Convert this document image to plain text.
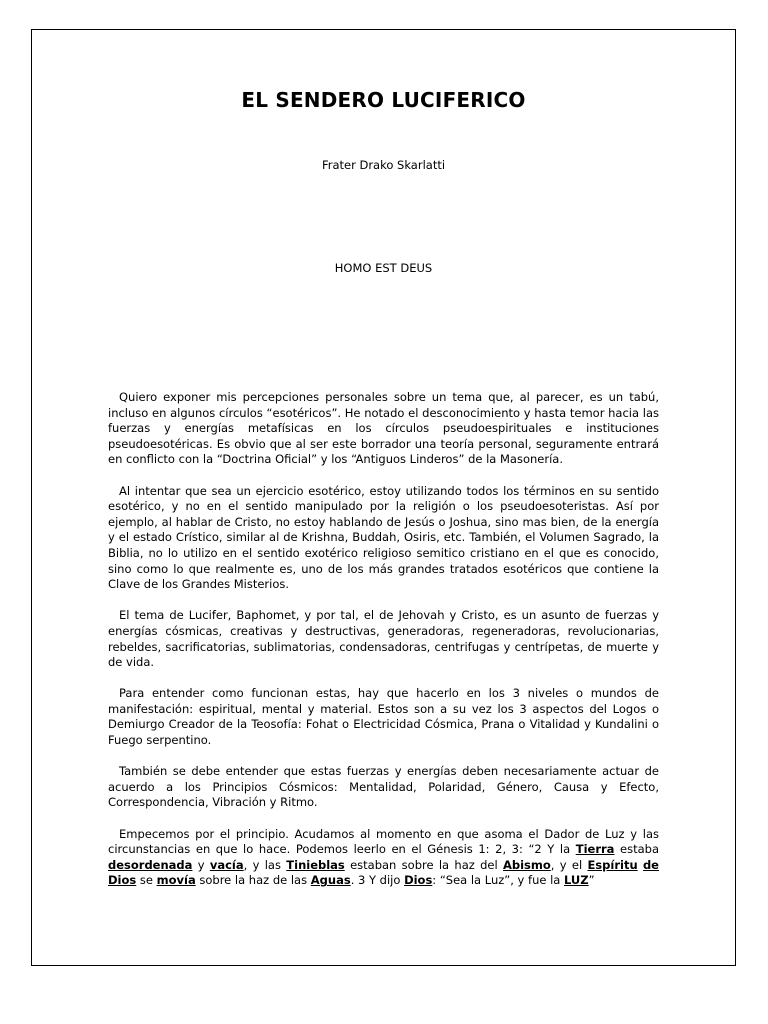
EL SENDERO LUCIFERICO
Frater Drako Skarlatti
HOMO EST DEUS

Quiero exponer mis percepciones personales sobre un tema que, al parecer, es un tabú, incluso en algunos círculos “esotéricos”. He notado el desconocimiento y hasta temor hacia las fuerzas y energías metafísicas en los círculos pseudoespirituales e instituciones pseudoesotéricas. Es obvio que al ser este borrador una teoría personal, seguramente entrará en conflicto con la “Doctrina Oficial” y los “Antiguos Linderos” de la Masonería.

Al intentar que sea un ejercicio esotérico, estoy utilizando todos los términos en su sentido esotérico, y no en el sentido manipulado por la religión o los pseudoesoteristas. Así por ejemplo, al hablar de Cristo, no estoy hablando de Jesús o Joshua, sino mas bien, de la energía y el estado Crístico, similar al de Krishna, Buddah, Osiris, etc. También, el Volumen Sagrado, la Biblia, no lo utilizo en el sentido exotérico religioso semitico cristiano en el que es conocido, sino como lo que realmente es, uno de los más grandes tratados esotéricos que contiene la Clave de los Grandes Misterios.

El tema de Lucifer, Baphomet, y por tal, el de Jehovah y Cristo, es un asunto de fuerzas y energías cósmicas, creativas y destructivas, generadoras, regeneradoras, revolucionarias, rebeldes, sacrificatorias, sublimatorias, condensadoras, centrifugas y centrípetas, de muerte y de vida.

Para entender como funcionan estas, hay que hacerlo en los 3 niveles o mundos de manifestación: espiritual, mental y material. Estos son a su vez los 3 aspectos del Logos o Demiurgo Creador de la Teosofía: Fohat o Electricidad Cósmica, Prana o Vitalidad y Kundalini o Fuego serpentino.

También se debe entender que estas fuerzas y energías deben necesariamente actuar de acuerdo a los Principios Cósmicos: Mentalidad, Polaridad, Género, Causa y Efecto, Correspondencia, Vibración y Ritmo.

Empecemos por el principio. Acudamos al momento en que asoma el Dador de Luz y las circunstancias en que lo hace. Podemos leerlo en el Génesis 1: 2, 3: “2 Y la Tierra estaba desordenada y vacía, y las Tinieblas estaban sobre la haz del Abismo, y el Espíritu de Dios se movía sobre la haz de las Aguas. 3 Y dijo Dios: “Sea la Luz”, y fue la LUZ”
